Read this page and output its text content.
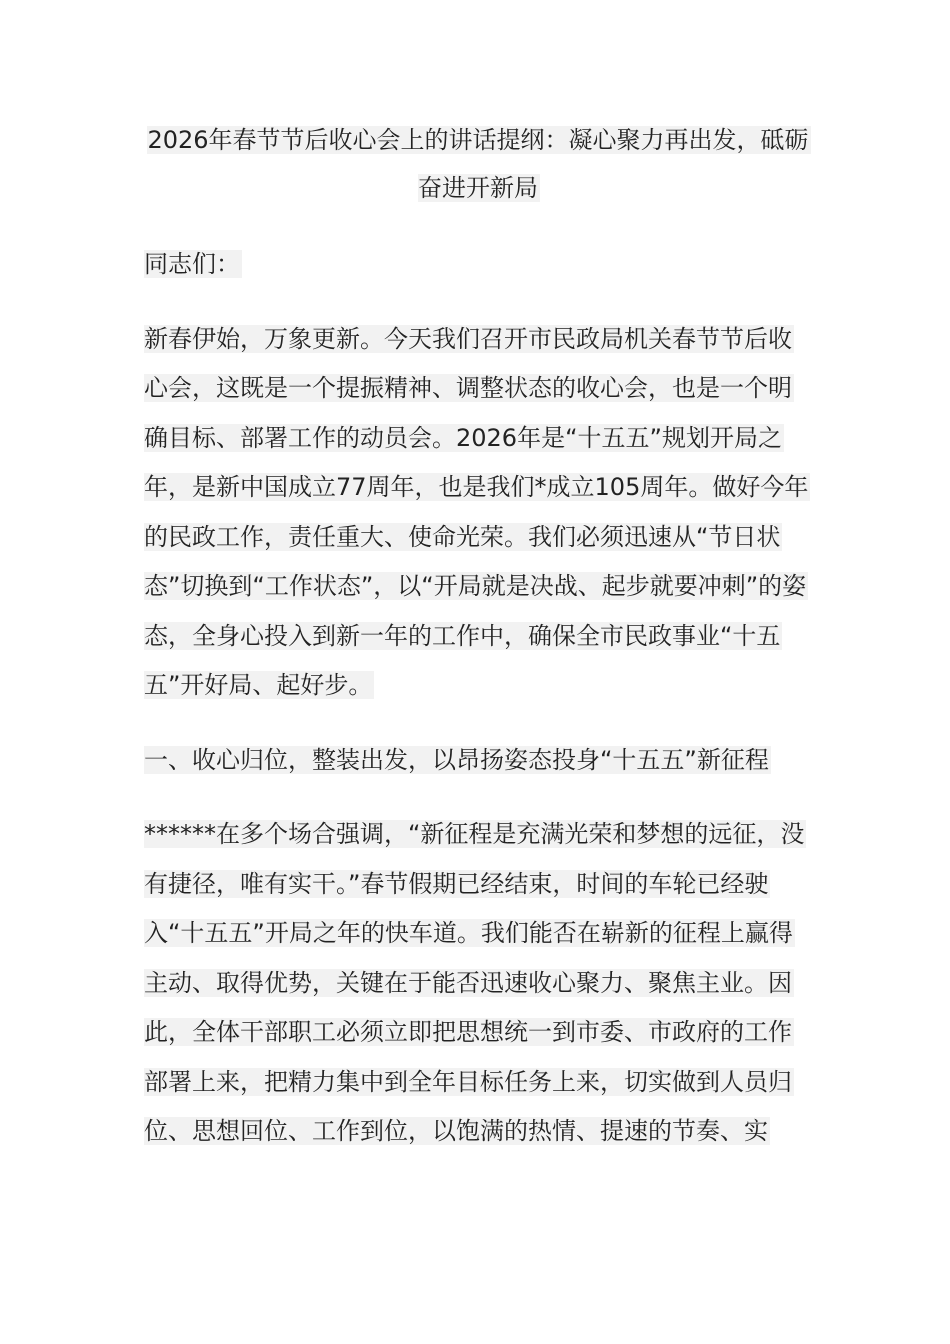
2026年春节节后收心会上的讲话提纲：凝心聚力再出发，砥砺奋进开新局

同志们：

新春伊始，万象更新。今天我们召开市民政局机关春节节后收心会，这既是一个提振精神、调整状态的收心会，也是一个明确目标、部署工作的动员会。2026年是“十五五”规划开局之年，是新中国成立77周年，也是我们*成立105周年。做好今年的民政工作，责任重大、使命光荣。我们必须迅速从“节日状态”切换到“工作状态”，以“开局就是决战、起步就要冲刺”的姿态，全身心投入到新一年的工作中，确保全市民政事业“十五五”开好局、起好步。

一、收心归位，整装出发，以昂扬姿态投身“十五五”新征程

******在多个场合强调，“新征程是充满光荣和梦想的远征，没有捷径，唯有实干。”春节假期已经结束，时间的车轮已经驶入“十五五”开局之年的快车道。我们能否在崭新的征程上赢得主动、取得优势，关键在于能否迅速收心聚力、聚焦主业。因此，全体干部职工必须立即把思想统一到市委、市政府的工作部署上来，把精力集中到全年目标任务上来，切实做到人员归位、思想回位、工作到位，以饱满的热情、提速的节奏、实
